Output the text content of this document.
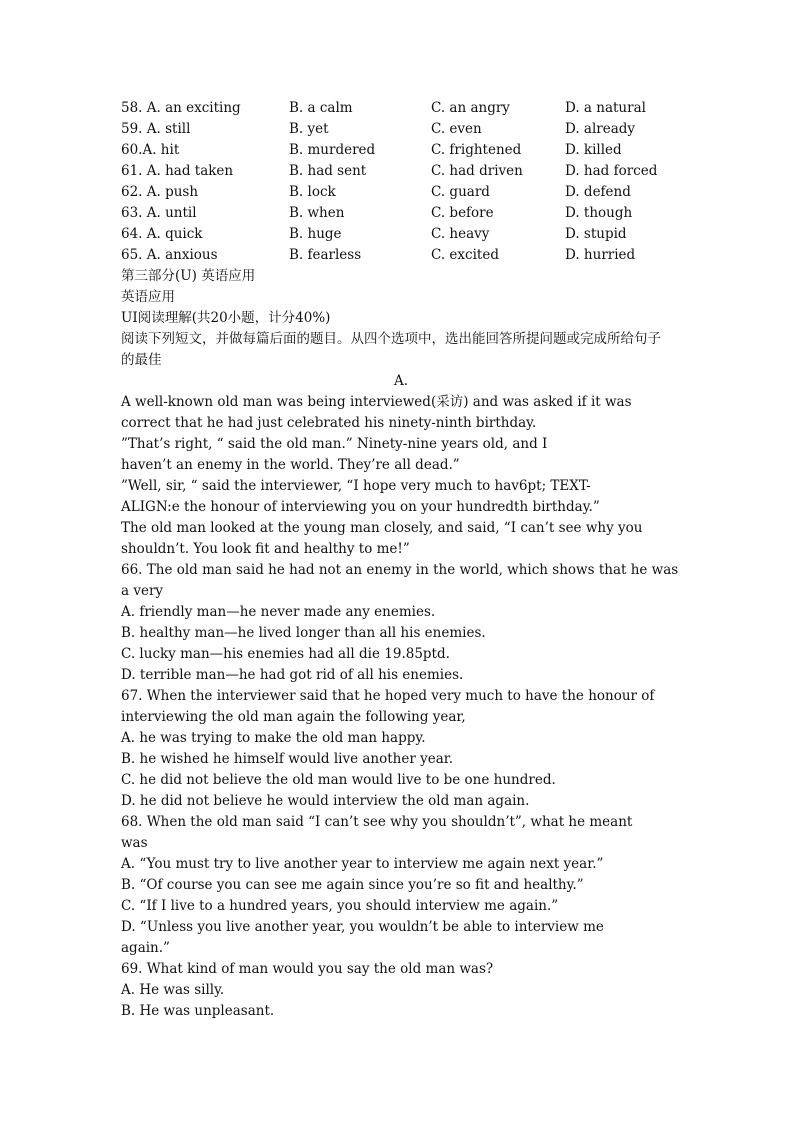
58. A. an exciting	B. a calm	C. an angry	D. a natural
59. A. still	B. yet	C. even	D. already
60.A. hit	B. murdered	C. frightened	D. killed
61. A. had taken	B. had sent	C. had driven	D. had forced
62. A. push	B. lock	C. guard	D. defend
63. A. until	B. when	C. before	D. though
64. A. quick	B. huge	C. heavy	D. stupid
65. A. anxious	B. fearless	C. excited	D. hurried
第三部分(U) 英语应用
英语应用
UI阅读理解(共20小题，计分40%)
阅读下列短文，并做每篇后面的题目。从四个选项中，选出能回答所提问题或完成所给句子
的最佳
A.
A well-known old man was being interviewed(采访) and was asked if it was
correct that he had just celebrated his ninety-ninth birthday.
”That’s right, “ said the old man.” Ninety-nine years old, and I
haven’t an enemy in the world. They’re all dead.”
”Well, sir, “ said the interviewer, “I hope very much to hav6pt; TEXT-
ALIGN:e the honour of interviewing you on your hundredth birthday.”
The old man looked at the young man closely, and said, “I can’t see why you
shouldn’t. You look fit and healthy to me!”
66. The old man said he had not an enemy in the world, which shows that he was
a very
A. friendly man—he never made any enemies.
B. healthy man—he lived longer than all his enemies.
C. lucky man—his enemies had all die 19.85ptd.
D. terrible man—he had got rid of all his enemies.
67. When the interviewer said that he hoped very much to have the honour of
interviewing the old man again the following year,
A. he was trying to make the old man happy.
B. he wished he himself would live another year.
C. he did not believe the old man would live to be one hundred.
D. he did not believe he would interview the old man again.
68. When the old man said “I can’t see why you shouldn’t”, what he meant
was
A. “You must try to live another year to interview me again next year.”
B. “Of course you can see me again since you’re so fit and healthy.”
C. “If I live to a hundred years, you should interview me again.”
D. “Unless you live another year, you wouldn’t be able to interview me
again.”
69. What kind of man would you say the old man was?
A. He was silly.
B. He was unpleasant.
